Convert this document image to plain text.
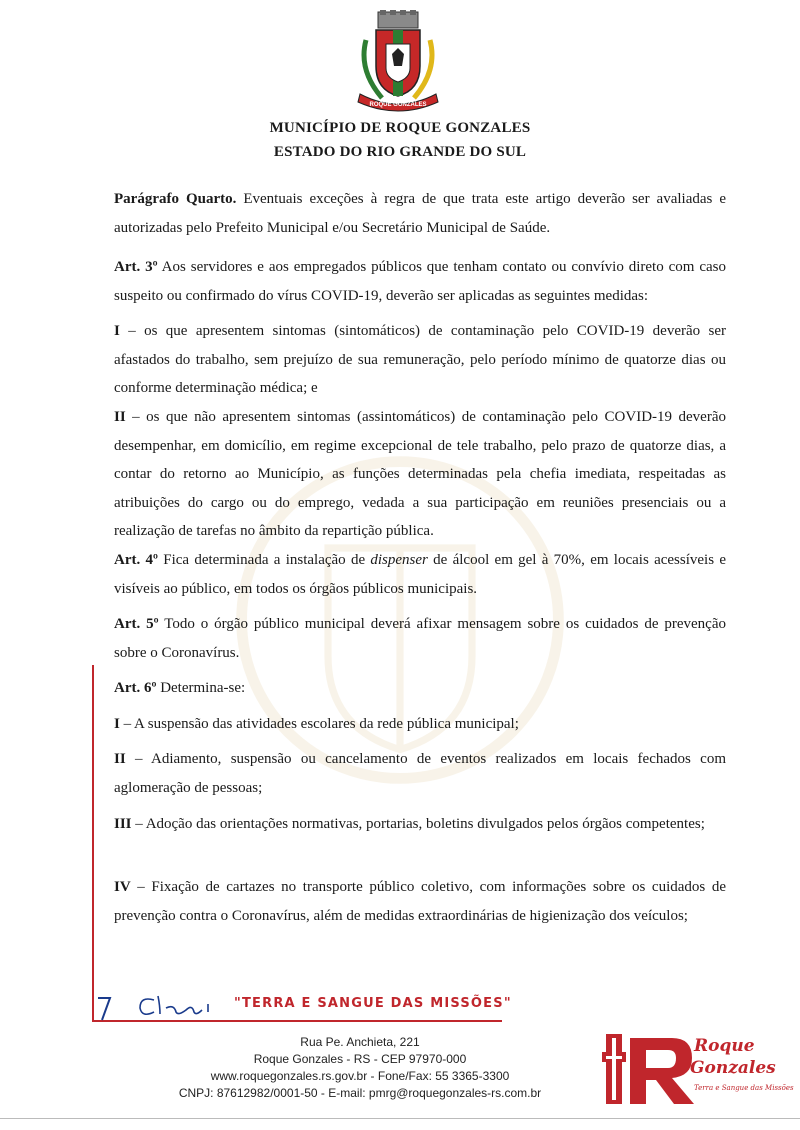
ROQUE GONZALES
MUNICÍPIO DE ROQUE GONZALES
ESTADO DO RIO GRANDE DO SUL
Parágrafo Quarto. Eventuais exceções à regra de que trata este artigo deverão ser avaliadas e autorizadas pelo Prefeito Municipal e/ou Secretário Municipal de Saúde.
Art. 3º Aos servidores e aos empregados públicos que tenham contato ou convívio direto com caso suspeito ou confirmado do vírus COVID-19, deverão ser aplicadas as seguintes medidas:
I – os que apresentem sintomas (sintomáticos) de contaminação pelo COVID-19 deverão ser afastados do trabalho, sem prejuízo de sua remuneração, pelo período mínimo de quatorze dias ou conforme determinação médica; e
II – os que não apresentem sintomas (assintomáticos) de contaminação pelo COVID-19 deverão desempenhar, em domicílio, em regime excepcional de tele trabalho, pelo prazo de quatorze dias, a contar do retorno ao Município, as funções determinadas pela chefia imediata, respeitadas as atribuições do cargo ou do emprego, vedada a sua participação em reuniões presenciais ou a realização de tarefas no âmbito da repartição pública.
Art. 4º Fica determinada a instalação de dispenser de álcool em gel à 70%, em locais acessíveis e visíveis ao público, em todos os órgãos públicos municipais.
Art. 5º Todo o órgão público municipal deverá afixar mensagem sobre os cuidados de prevenção sobre o Coronavírus.
Art. 6º Determina-se:
I – A suspensão das atividades escolares da rede pública municipal;
II – Adiamento, suspensão ou cancelamento de eventos realizados em locais fechados com aglomeração de pessoas;
III – Adoção das orientações normativas, portarias, boletins divulgados pelos órgãos competentes;
IV – Fixação de cartazes no transporte público coletivo, com informações sobre os cuidados de prevenção contra o Coronavírus, além de medidas extraordinárias de higienização dos veículos;
"TERRA E SANGUE DAS MISSÕES"
Rua Pe. Anchieta, 221
Roque Gonzales - RS - CEP 97970-000
www.roquegonzales.rs.gov.br - Fone/Fax: 55 3365-3300
CNPJ: 87612982/0001-50 - E-mail: pmrg@roquegonzales-rs.com.br
Roque
Gonzales
Terra e Sangue das Missões
